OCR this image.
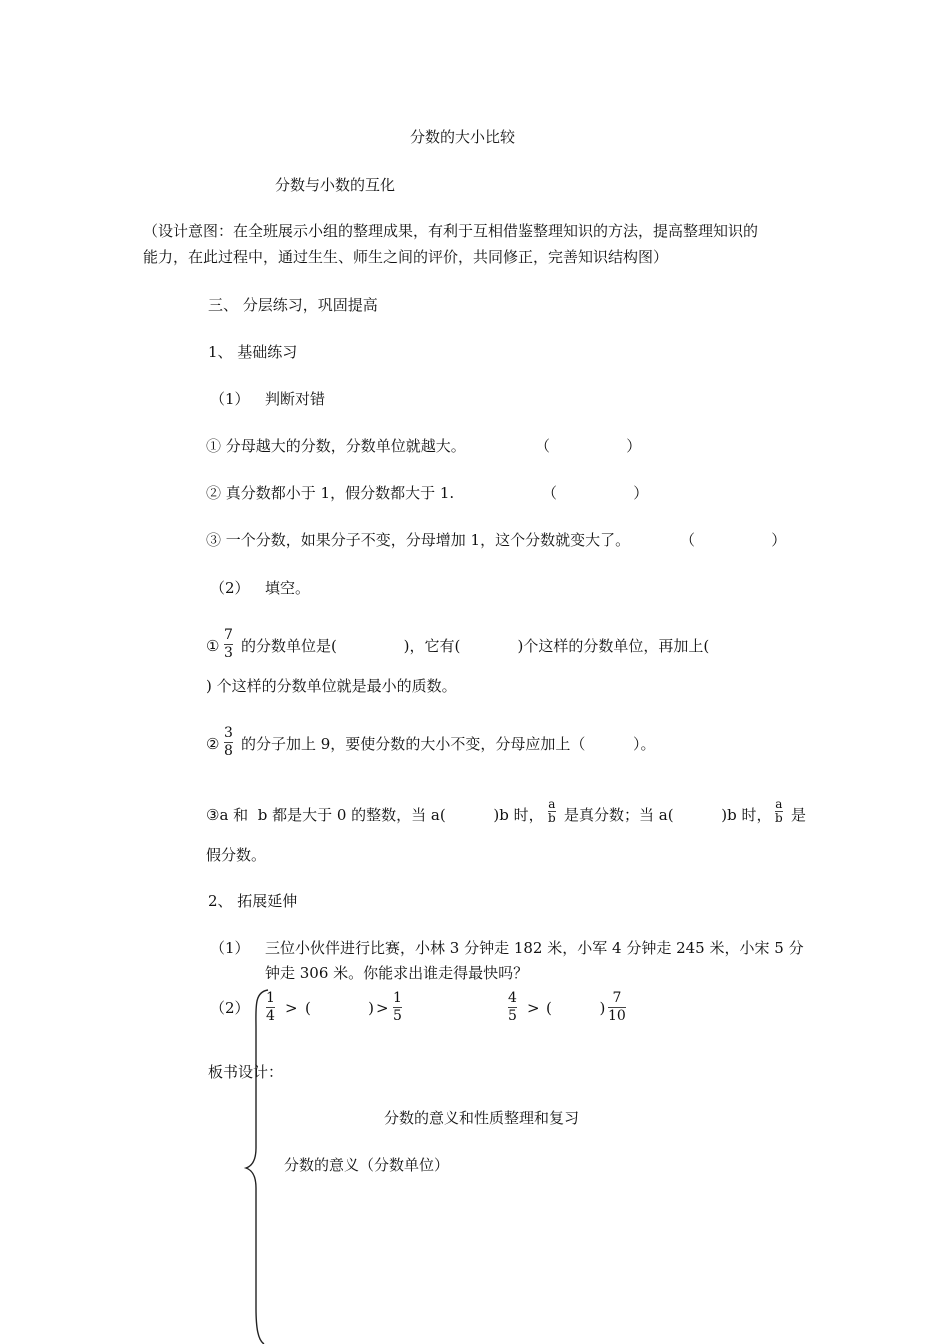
分数的大小比较
分数与小数的互化
（设计意图：在全班展示小组的整理成果，有利于互相借鉴整理知识的方法，提高整理知识的
能力，在此过程中，通过生生、师生之间的评价，共同修正，完善知识结构图）
三、 分层练习，巩固提高
1、 基础练习
（1） 判断对错
① 分母越大的分数，分数单位就越大。	（                ）
② 真分数都小于 1，假分数都大于 1.	（                ）
③ 一个分数，如果分子不变，分母增加 1，这个分数就变大了。	（                ）
（2） 填空。
①
7
3 的分数单位是(              )，它有(            )个这样的分数单位，再加上(
) 个这样的分数单位就是最小的质数。
②
3
8 的分子加上 9，要使分数的大小不变，分母应加上（          ）。
③a 和  b 都是大于 0 的整数，当 a(          )b 时，
a
b 是真分数；当 a(          )b 时，
a
b 是
假分数。
2、 拓展延伸
（1） 三位小伙伴进行比赛，小林 3 分钟走 182 米，小军 4 分钟走 245 米，小宋 5 分
钟走 306 米。你能求出谁走得最快吗？
（2）
1
4 > (            ) >
1
5
4
5 > (          )
7
10
板书设计：
分数的意义和性质整理和复习
分数的意义（分数单位）
